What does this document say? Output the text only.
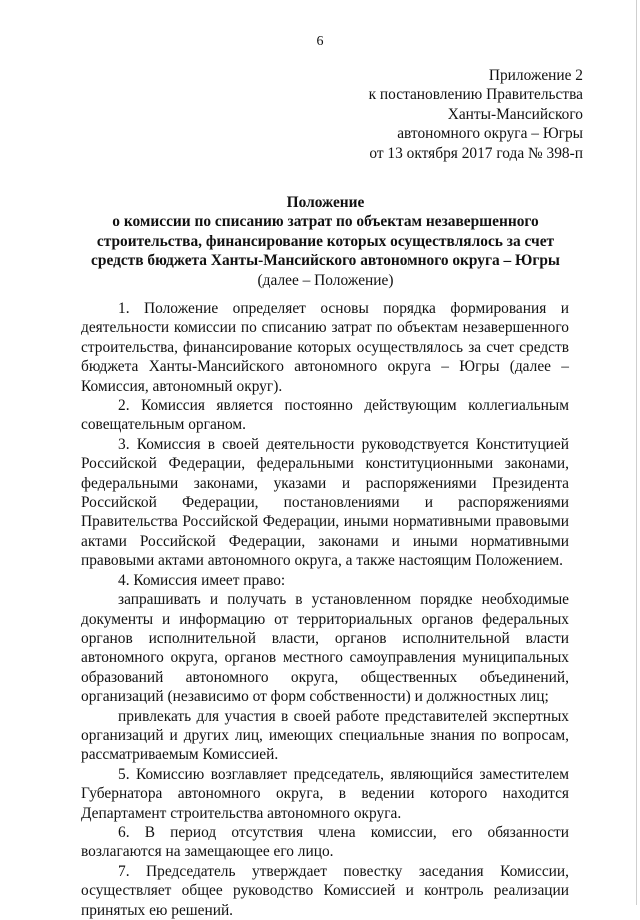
6
Приложение 2
к постановлению Правительства
Ханты-Мансийского
автономного округа – Югры
от 13 октября 2017 года № 398-п
Положение
о комиссии по списанию затрат по объектам незавершенного
строительства, финансирование которых осуществлялось за счет
средств бюджета Ханты-Мансийского автономного округа – Югры
(далее – Положение)

1. Положение определяет основы порядка формирования и деятельности комиссии по списанию затрат по объектам незавершенного строительства, финансирование которых осуществлялось за счет средств бюджета Ханты-Мансийского автономного округа – Югры (далее – Комиссия, автономный округ).

2. Комиссия является постоянно действующим коллегиальным совещательным органом.

3. Комиссия в своей деятельности руководствуется Конституцией Российской Федерации, федеральными конституционными законами, федеральными законами, указами и распоряжениями Президента Российской Федерации, постановлениями и распоряжениями Правительства Российской Федерации, иными нормативными правовыми актами Российской Федерации, законами и иными нормативными правовыми актами автономного округа, а также настоящим Положением.

4. Комиссия имеет право:

запрашивать и получать в установленном порядке необходимые документы и информацию от территориальных органов федеральных органов исполнительной власти, органов исполнительной власти автономного округа, органов местного самоуправления муниципальных образований автономного округа, общественных объединений, организаций (независимо от форм собственности) и должностных лиц;

привлекать для участия в своей работе представителей экспертных организаций и других лиц, имеющих специальные знания по вопросам, рассматриваемым Комиссией.

5. Комиссию возглавляет председатель, являющийся заместителем Губернатора автономного округа, в ведении которого находится Департамент строительства автономного округа.

6. В период отсутствия члена комиссии, его обязанности возлагаются на замещающее его лицо.

7. Председатель утверждает повестку заседания Комиссии, осуществляет общее руководство Комиссией и контроль реализации принятых ею решений.
